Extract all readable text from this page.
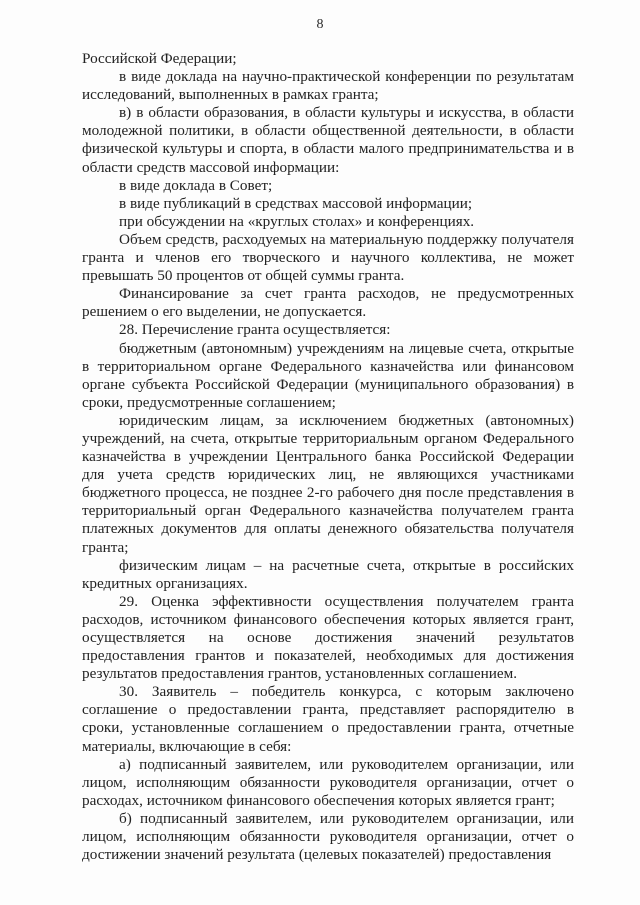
8

Российской Федерации;

в виде доклада на научно-практической конференции по результатам исследований, выполненных в рамках гранта;

в) в области образования, в области культуры и искусства, в области молодежной политики, в области общественной деятельности, в области физической культуры и спорта, в области малого предпринимательства и в области средств массовой информации:

в виде доклада в Совет;

в виде публикаций в средствах массовой информации;

при обсуждении на «круглых столах» и конференциях.

Объем средств, расходуемых на материальную поддержку получателя гранта и членов его творческого и научного коллектива, не может превышать 50 процентов от общей суммы гранта.

Финансирование за счет гранта расходов, не предусмотренных решением о его выделении, не допускается.

28. Перечисление гранта осуществляется:

бюджетным (автономным) учреждениям на лицевые счета, открытые в территориальном органе Федерального казначейства или финансовом органе субъекта Российской Федерации (муниципального образования) в сроки, предусмотренные соглашением;

юридическим лицам, за исключением бюджетных (автономных) учреждений, на счета, открытые территориальным органом Федерального казначейства в учреждении Центрального банка Российской Федерации для учета средств юридических лиц, не являющихся участниками бюджетного процесса, не позднее 2-го рабочего дня после представления в территориальный орган Федерального казначейства получателем гранта платежных документов для оплаты денежного обязательства получателя гранта;

физическим лицам – на расчетные счета, открытые в российских кредитных организациях.

29. Оценка эффективности осуществления получателем гранта расходов, источником финансового обеспечения которых является грант, осуществляется на основе достижения значений результатов предоставления грантов и показателей, необходимых для достижения результатов предоставления грантов, установленных соглашением.

30. Заявитель – победитель конкурса, с которым заключено соглашение о предоставлении гранта, представляет распорядителю в сроки, установленные соглашением о предоставлении гранта, отчетные материалы, включающие в себя:

а) подписанный заявителем, или руководителем организации, или лицом, исполняющим обязанности руководителя организации, отчет о расходах, источником финансового обеспечения которых является грант;

б) подписанный заявителем, или руководителем организации, или лицом, исполняющим обязанности руководителя организации, отчет о достижении значений результата (целевых показателей) предоставления
